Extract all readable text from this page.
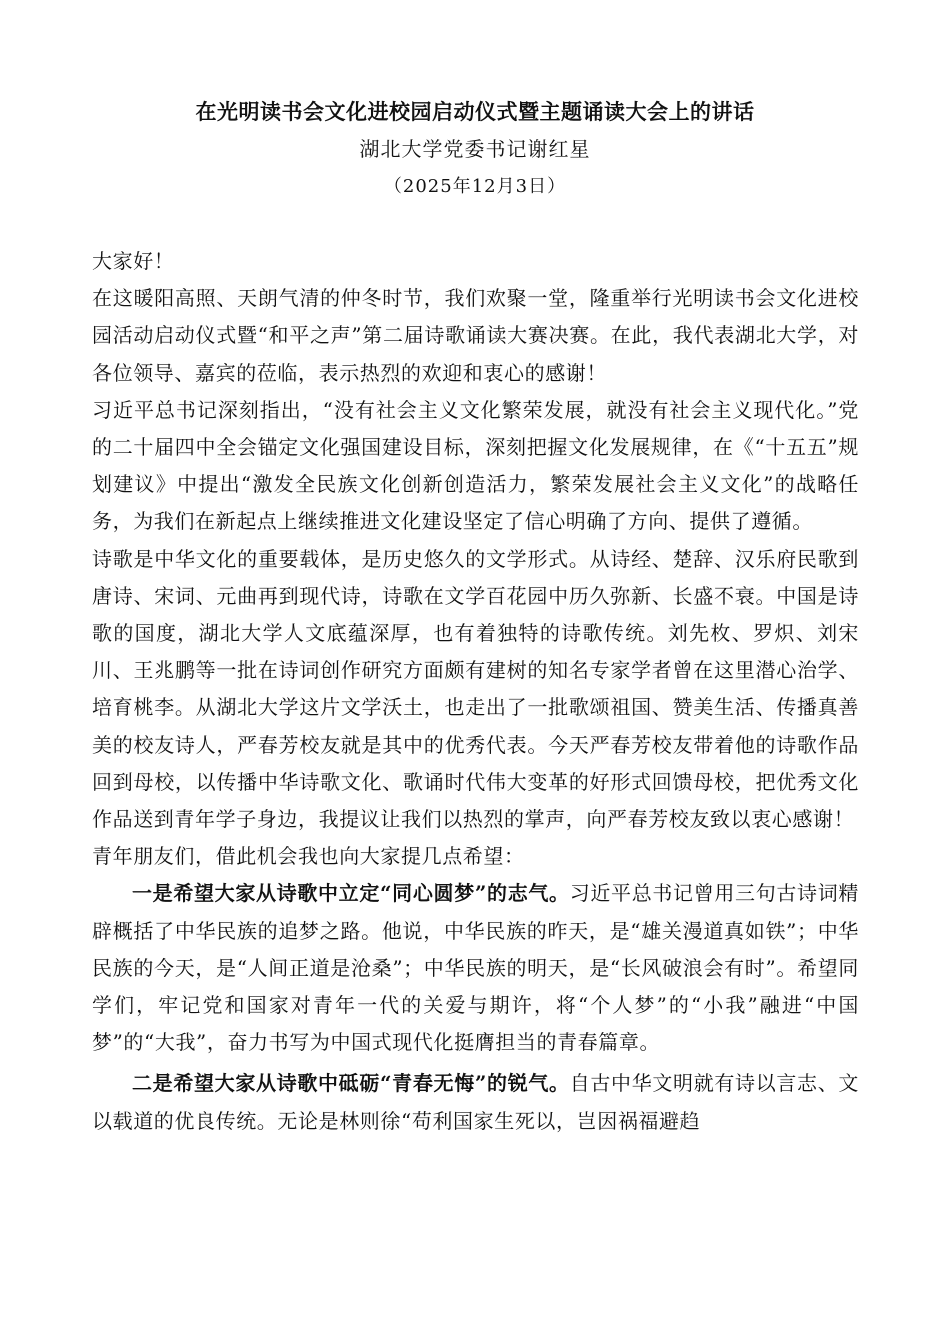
在光明读书会文化进校园启动仪式暨主题诵读大会上的讲话
湖北大学党委书记谢红星
（2025年12月3日）

大家好！

在这暖阳高照、天朗气清的仲冬时节，我们欢聚一堂，隆重举行光明读书会文化进校园活动启动仪式暨“和平之声”第二届诗歌诵读大赛决赛。在此，我代表湖北大学，对各位领导、嘉宾的莅临，表示热烈的欢迎和衷心的感谢！

习近平总书记深刻指出，“没有社会主义文化繁荣发展，就没有社会主义现代化。”党的二十届四中全会锚定文化强国建设目标，深刻把握文化发展规律，在《“十五五”规划建议》中提出“激发全民族文化创新创造活力，繁荣发展社会主义文化”的战略任务，为我们在新起点上继续推进文化建设坚定了信心明确了方向、提供了遵循。

诗歌是中华文化的重要载体，是历史悠久的文学形式。从诗经、楚辞、汉乐府民歌到唐诗、宋词、元曲再到现代诗，诗歌在文学百花园中历久弥新、长盛不衰。中国是诗歌的国度，湖北大学人文底蕴深厚，也有着独特的诗歌传统。刘先枚、罗炽、刘宋川、王兆鹏等一批在诗词创作研究方面颇有建树的知名专家学者曾在这里潜心治学、培育桃李。从湖北大学这片文学沃土，也走出了一批歌颂祖国、赞美生活、传播真善美的校友诗人，严春芳校友就是其中的优秀代表。今天严春芳校友带着他的诗歌作品回到母校，以传播中华诗歌文化、歌诵时代伟大变革的好形式回馈母校，把优秀文化作品送到青年学子身边，我提议让我们以热烈的掌声，向严春芳校友致以衷心感谢！

青年朋友们，借此机会我也向大家提几点希望：

一是希望大家从诗歌中立定“同心圆梦”的志气。习近平总书记曾用三句古诗词精辟概括了中华民族的追梦之路。他说，中华民族的昨天，是“雄关漫道真如铁”；中华民族的今天，是“人间正道是沧桑”；中华民族的明天，是“长风破浪会有时”。希望同学们，牢记党和国家对青年一代的关爱与期许，将“个人梦”的“小我”融进“中国梦”的“大我”，奋力书写为中国式现代化挺膺担当的青春篇章。

二是希望大家从诗歌中砥砺“青春无悔”的锐气。自古中华文明就有诗以言志、文以载道的优良传统。无论是林则徐“苟利国家生死以，岂因祸福避趋
